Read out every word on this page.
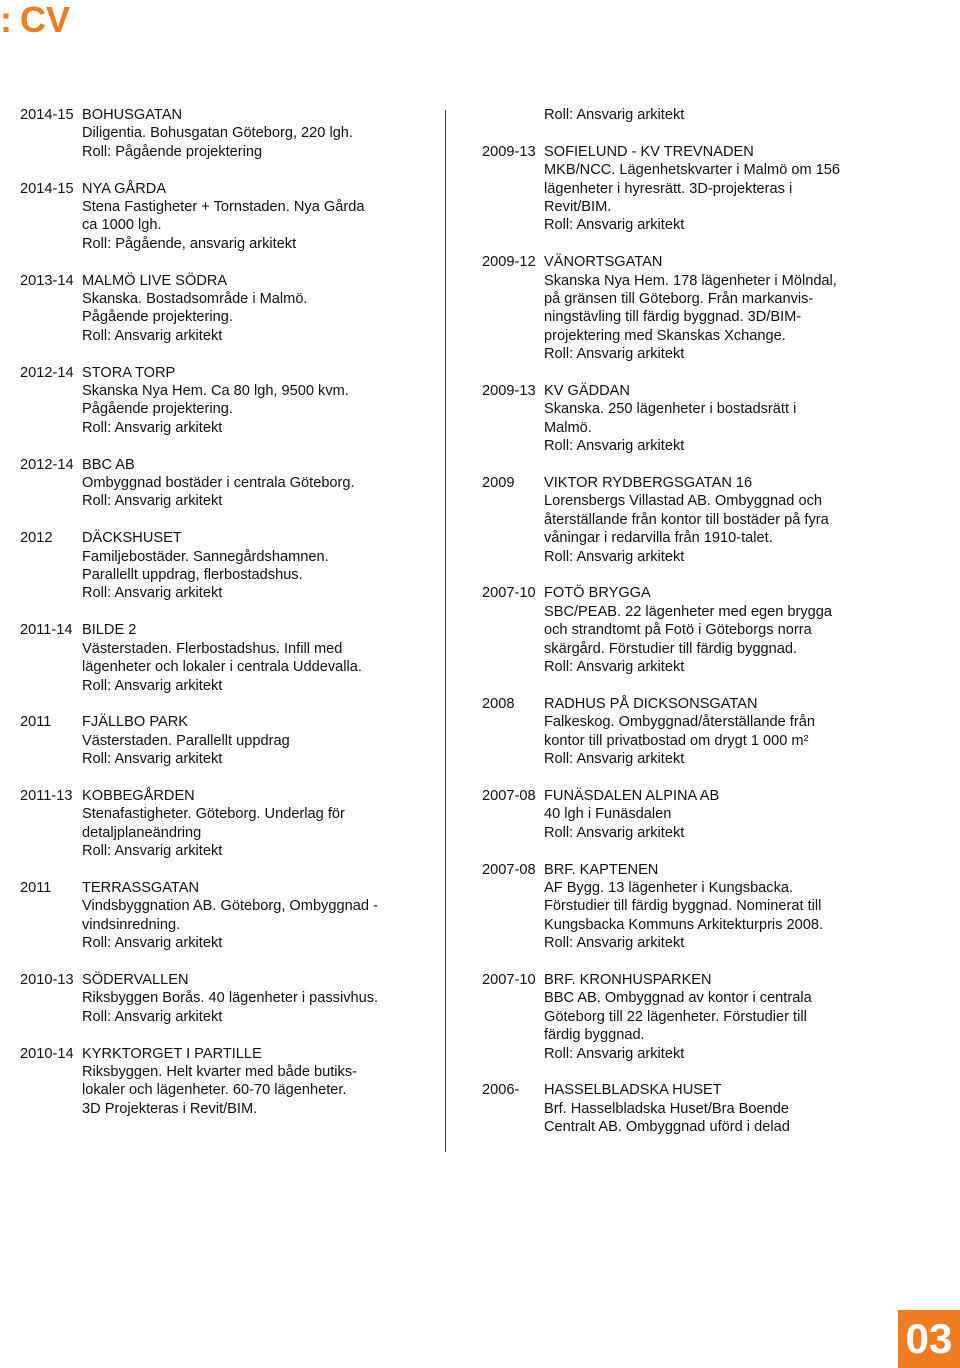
: CV
2014-15 BOHUSGATAN
Diligentia. Bohusgatan Göteborg, 220 lgh.
Roll: Pågående projektering
2014-15 NYA GÅRDA
Stena Fastigheter + Tornstaden. Nya Gårda
ca 1000 lgh.
Roll: Pågående, ansvarig arkitekt
2013-14 MALMÖ LIVE SÖDRA
Skanska. Bostadsområde i Malmö.
Pågående projektering.
Roll: Ansvarig arkitekt
2012-14 STORA TORP
Skanska Nya Hem. Ca 80 lgh, 9500 kvm.
Pågående projektering.
Roll: Ansvarig arkitekt
2012-14 BBC AB
Ombyggnad bostäder i centrala Göteborg.
Roll: Ansvarig arkitekt
2012	DÄCKSHUSET
Familjebostäder. Sannegårdshamnen.
Parallellt uppdrag, flerbostadshus.
Roll: Ansvarig arkitekt
2011-14 BILDE 2
Västerstaden. Flerbostadshus. Infill med
lägenheter och lokaler i centrala Uddevalla.
Roll: Ansvarig arkitekt
2011	FJÄLLBO PARK
Västerstaden. Parallellt uppdrag
Roll: Ansvarig arkitekt
2011-13 KOBBEGÅRDEN
Stenafastigheter. Göteborg. Underlag för
detaljplaneändring
Roll: Ansvarig arkitekt
2011	TERRASSGATAN
Vindsbyggnation AB. Göteborg, Ombyggnad -
vindsinredning.
Roll: Ansvarig arkitekt
2010-13 SÖDERVALLEN
Riksbyggen Borås. 40 lägenheter i passivhus.
Roll: Ansvarig arkitekt
2010-14 KYRKTORGET I PARTILLE
Riksbyggen. Helt kvarter med både butiks-
lokaler och lägenheter. 60-70 lägenheter.
3D Projekteras i Revit/BIM.
Roll: Ansvarig arkitekt
2009-13 SOFIELUND - KV TREVNADEN
MKB/NCC. Lägenhetskvarter i Malmö om 156
lägenheter i hyresrätt. 3D-projekteras i
Revit/BIM.
Roll: Ansvarig arkitekt
2009-12 VÄNORTSGATAN
Skanska Nya Hem. 178 lägenheter i Mölndal,
på gränsen till Göteborg. Från markanvis-
ningstävling till färdig byggnad. 3D/BIM-
projektering med Skanskas Xchange.
Roll: Ansvarig arkitekt
2009-13 KV GÄDDAN
Skanska. 250 lägenheter i bostadsrätt i
Malmö.
Roll: Ansvarig arkitekt
2009	VIKTOR RYDBERGSGATAN 16
Lorensbergs Villastad AB. Ombyggnad och
återställande från kontor till bostäder på fyra
våningar i redarvilla från 1910-talet.
Roll: Ansvarig arkitekt
2007-10 FOTÖ BRYGGA
SBC/PEAB. 22 lägenheter med egen brygga
och strandtomt på Fotö i Göteborgs norra
skärgård. Förstudier till färdig byggnad.
Roll: Ansvarig arkitekt
2008	RADHUS PÅ DICKSONSGATAN
Falkeskog. Ombyggnad/återställande från
kontor till privatbostad om drygt 1 000 m²
Roll: Ansvarig arkitekt
2007-08 FUNÄSDALEN ALPINA AB
40 lgh i Funäsdalen
Roll: Ansvarig arkitekt
2007-08 BRF. KAPTENEN
AF Bygg. 13 lägenheter i Kungsbacka.
Förstudier till färdig byggnad. Nominerat till
Kungsbacka Kommuns Arkitekturpris 2008.
Roll: Ansvarig arkitekt
2007-10 BRF. KRONHUSPARKEN
BBC AB. Ombyggnad av kontor i centrala
Göteborg till 22 lägenheter. Förstudier till
färdig byggnad.
Roll: Ansvarig arkitekt
2006-	HASSELBLADSKA HUSET
Brf. Hasselbladska Huset/Bra Boende
Centralt AB. Ombyggnad uförd i delad
03
